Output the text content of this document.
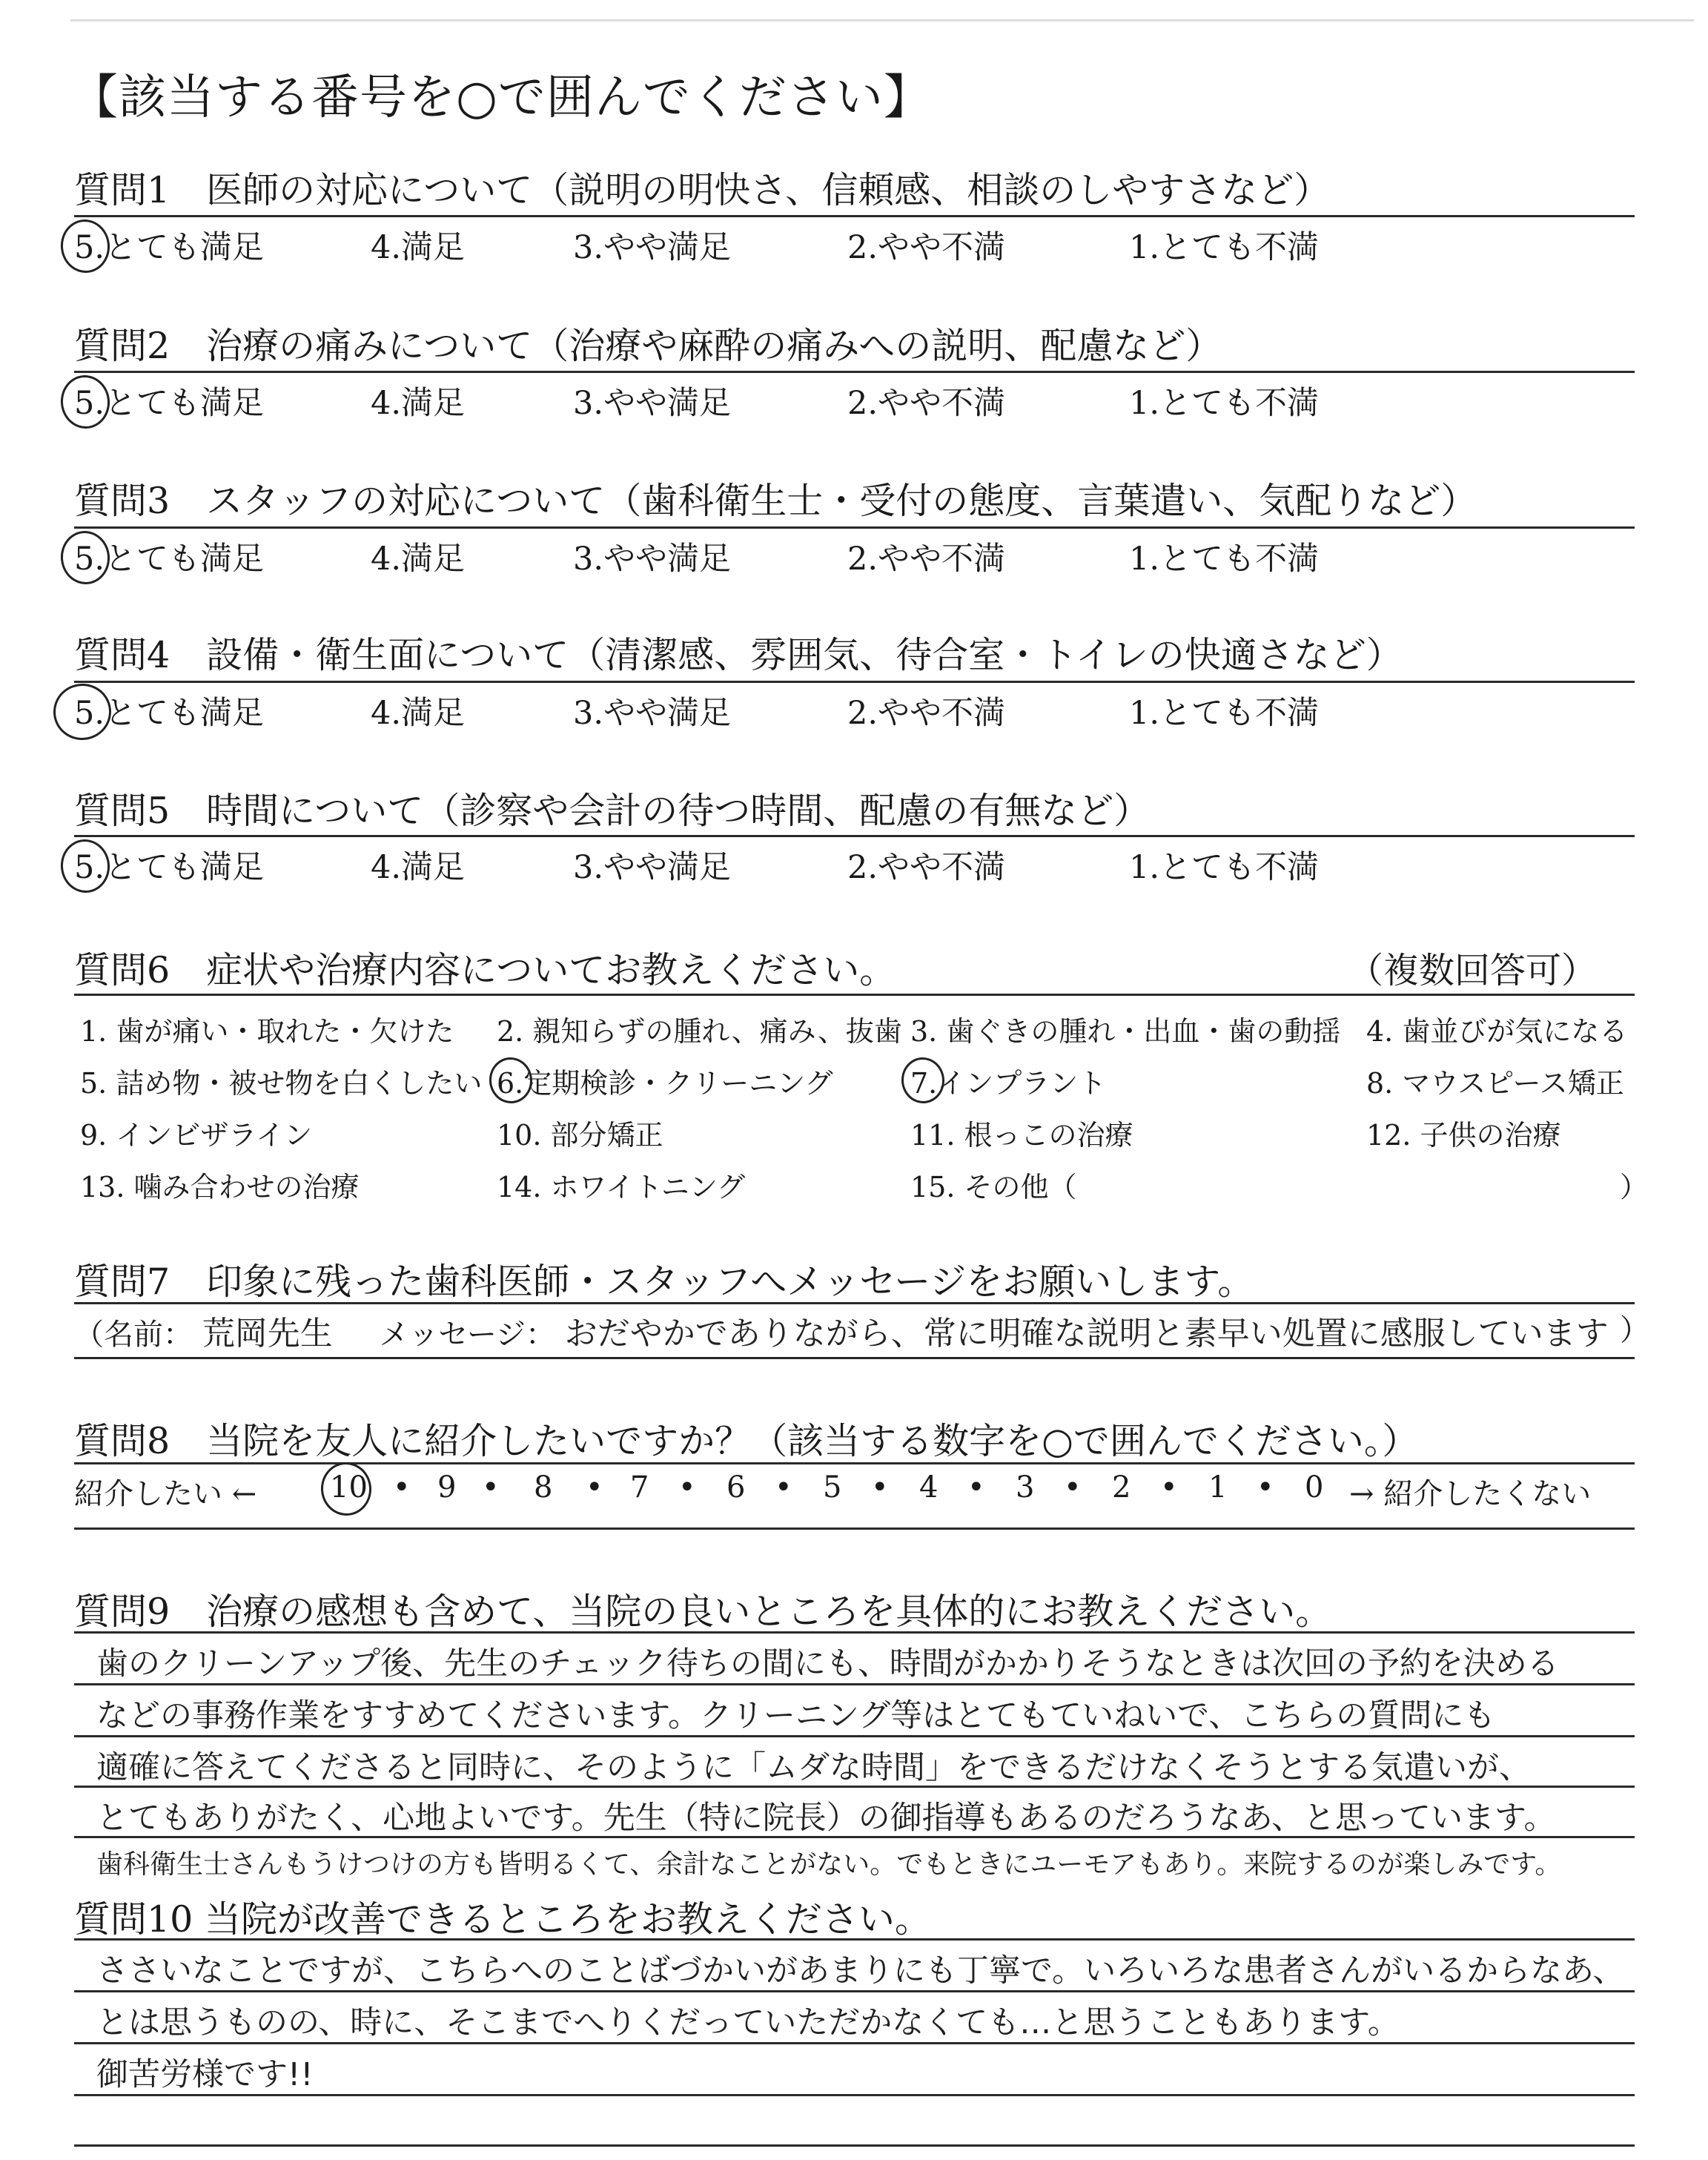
【該当する番号を○で囲んでください】
質問1　医師の対応について（説明の明快さ、信頼感、相談のしやすさなど）
5.とても満足	4.満足	3.やや満足	2.やや不満	1.とても不満
質問2　治療の痛みについて（治療や麻酔の痛みへの説明、配慮など）
5.とても満足	4.満足	3.やや満足	2.やや不満	1.とても不満
質問3　スタッフの対応について（歯科衛生士・受付の態度、言葉遣い、気配りなど）
5.とても満足	4.満足	3.やや満足	2.やや不満	1.とても不満
質問4　設備・衛生面について（清潔感、雰囲気、待合室・トイレの快適さなど）
5.とても満足	4.満足	3.やや満足	2.やや不満	1.とても不満
質問5　時間について（診察や会計の待つ時間、配慮の有無など）
5.とても満足	4.満足	3.やや満足	2.やや不満	1.とても不満
質問6　症状や治療内容についてお教えください。	（複数回答可）
1. 歯が痛い・取れた・欠けた 2. 親知らずの腫れ、痛み、抜歯 3. 歯ぐきの腫れ・出血・歯の動揺 4. 歯並びが気になる
5. 詰め物・被せ物を白くしたい 6.定期検診・クリーニング	7.インプラント	8. マウスピース矯正
9. インビザライン	10. 部分矯正	11. 根っこの治療	12. 子供の治療
13. 噛み合わせの治療	14. ホワイトニング	15. その他（	）
質問7　印象に残った歯科医師・スタッフへメッセージをお願いします。
（名前： 荒岡先生 メッセージ： おだやかでありながら、常に明確な説明と素早い処置に感服しています ）
質問8　当院を友人に紹介したいですか？（該当する数字を○で囲んでください。）
紹介したい ← 10 • 9 • 8 • 7 • 6 • 5 • 4 • 3 • 2 • 1 • 0 → 紹介したくない
質問9　治療の感想も含めて、当院の良いところを具体的にお教えください。
歯のクリーンアップ後、先生のチェック待ちの間にも、時間がかかりそうなときは次回の予約を決める
などの事務作業をすすめてくださいます。クリーニング等はとてもていねいで、こちらの質問にも
適確に答えてくださると同時に、そのように「ムダな時間」をできるだけなくそうとする気遣いが、
とてもありがたく、心地よいです。先生（特に院長）の御指導もあるのだろうなあ、と思っています。
歯科衛生士さんもうけつけの方も皆明るくて、余計なことがない。でもときにユーモアもあり。来院するのが楽しみです。
質問10 当院が改善できるところをお教えください。
ささいなことですが、こちらへのことばづかいがあまりにも丁寧で。いろいろな患者さんがいるからなあ、
とは思うものの、時に、そこまでへりくだっていただかなくても…と思うこともあります。
御苦労様です!!
